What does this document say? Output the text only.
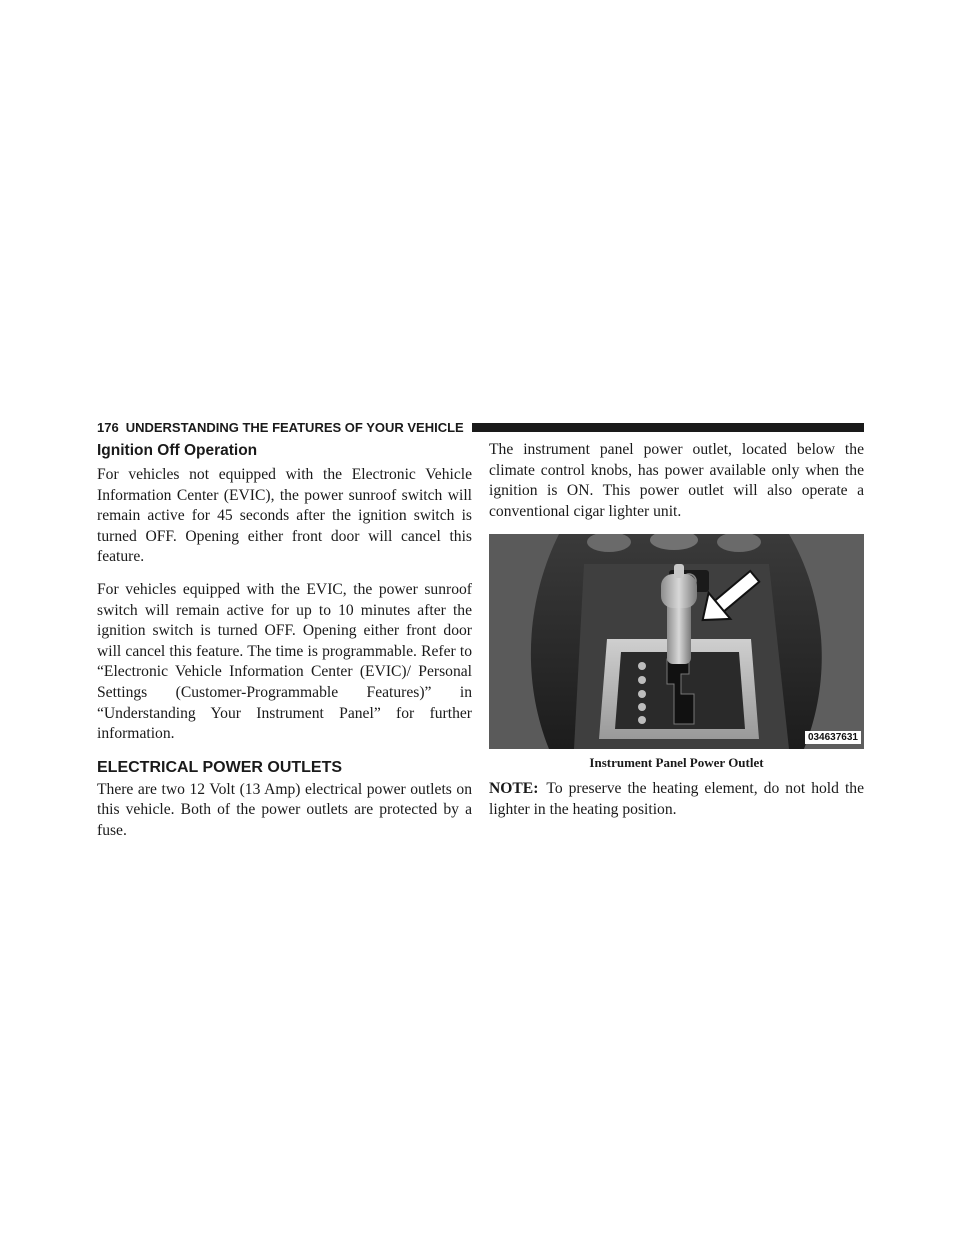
176 UNDERSTANDING THE FEATURES OF YOUR VEHICLE
Ignition Off Operation

For vehicles not equipped with the Electronic Vehicle Information Center (EVIC), the power sunroof switch will remain active for 45 seconds after the ignition switch is turned OFF. Opening either front door will cancel this feature.

For vehicles equipped with the EVIC, the power sunroof switch will remain active for up to 10 minutes after the ignition switch is turned OFF. Opening either front door will cancel this feature. The time is programmable. Refer to “Electronic Vehicle Information Center (EVIC)/ Personal Settings (Customer-Programmable Features)” in “Understanding Your Instrument Panel” for further information.

ELECTRICAL POWER OUTLETS

There are two 12 Volt (13 Amp) electrical power outlets on this vehicle. Both of the power outlets are protected by a fuse.

The instrument panel power outlet, located below the climate control knobs, has power available only when the ignition is ON. This power outlet will also operate a conventional cigar lighter unit.

034637631
Instrument Panel Power Outlet

NOTE: To preserve the heating element, do not hold the lighter in the heating position.
